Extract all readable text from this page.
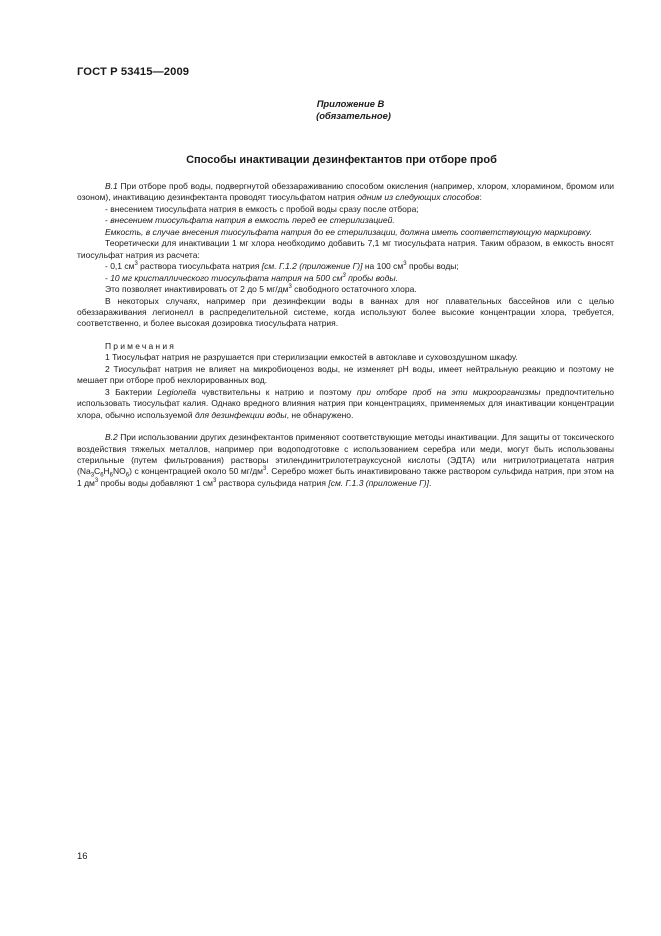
ГОСТ Р 53415—2009
Приложение В
(обязательное)
Способы инактивации дезинфектантов при отборе проб

В.1 При отборе проб воды, подвергнутой обеззараживанию способом окисления (например, хлором, хлорамином, бромом или озоном), инактивацию дезинфектанта проводят тиосульфатом натрия одним из следующих способов:

- внесением тиосульфата натрия в емкость с пробой воды сразу после отбора;

- внесением тиосульфата натрия в емкость перед ее стерилизацией.

Емкость, в случае внесения тиосульфата натрия до ее стерилизации, должна иметь соответствующую маркировку.

Теоретически для инактивации 1 мг хлора необходимо добавить 7,1 мг тиосульфата натрия. Таким образом, в емкость вносят тиосульфат натрия из расчета:

- 0,1 $см^3$ раствора тиосульфата натрия [см. Г.1.2 (приложение Г)] на 100 $см^3$ пробы воды;

- 10 мг кристаллического тиосульфата натрия на 500 $см^3$ пробы воды.

Это позволяет инактивировать от 2 до 5 $мг/дм^3$ свободного остаточного хлора.

В некоторых случаях, например при дезинфекции воды в ваннах для ног плавательных бассейнов или с целью обеззараживания легионелл в распределительной системе, когда используют более высокие концентрации хлора, требуется, соответственно, и более высокая дозировка тиосульфата натрия.

Примечания

1 Тиосульфат натрия не разрушается при стерилизации емкостей в автоклаве и суховоздушном шкафу.

2 Тиосульфат натрия не влияет на микробиоценоз воды, не изменяет рН воды, имеет нейтральную реакцию и поэтому не мешает при отборе проб нехлорированных вод.

3 Бактерии Legionella чувствительны к натрию и поэтому при отборе проб на эти микроорганизмы предпочтительно использовать тиосульфат калия. Однако вредного влияния натрия при концентрациях, применяемых для инактивации концентрации хлора, обычно используемой для дезинфекции воды, не обнаружено.

В.2 При использовании других дезинфектантов применяют соответствующие методы инактивации. Для защиты от токсического воздействия тяжелых металлов, например при водоподготовке с использованием серебра или меди, могут быть использованы стерильные (путем фильтрования) растворы этилендинитрилотетрауксусной кислоты (ЭДТА) или нитрилотриацетата натрия $(Na_3C_6H_6NO_6)$ с концентрацией около 50 $мг/дм^3$. Серебро может быть инактивировано также раствором сульфида натрия, при этом на 1 $дм^3$ пробы воды добавляют 1 $см^3$ раствора сульфида натрия [см. Г.1.3 (приложение Г)].

16
